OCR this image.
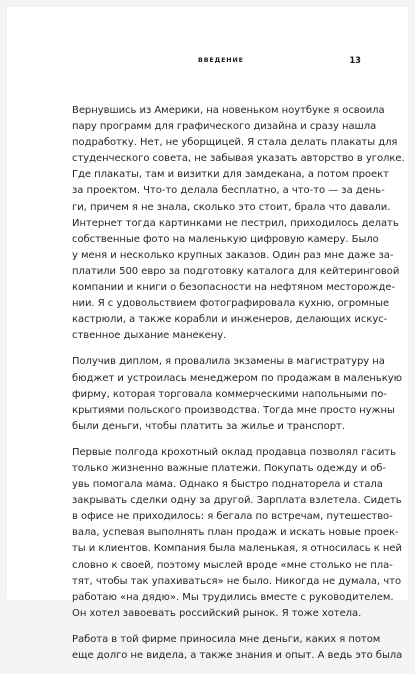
ВВЕДЕНИЕ	13

Вернувшись из Америки, на новеньком ноутбуке я освоила
пару программ для графического дизайна и сразу нашла
подработку. Нет, не уборщицей. Я стала делать плакаты для
студенческого совета, не забывая указать авторство в уголке.
Где плакаты, там и визитки для замдекана, а потом проект
за проектом. Что-то делала бесплатно, а что-то — за день-
ги, причем я не знала, сколько это стоит, брала что давали.
Интернет тогда картинками не пестрил, приходилось делать
собственные фото на маленькую цифровую камеру. Было
у меня и несколько крупных заказов. Один раз мне даже за-
платили 500 евро за подготовку каталога для кейтеринговой
компании и книги о безопасности на нефтяном месторожде-
нии. Я с удовольствием фотографировала кухню, огромные
кастрюли, а также корабли и инженеров, делающих искус-
ственное дыхание манекену.

Получив диплом, я провалила экзамены в магистратуру на
бюджет и устроилась менеджером по продажам в маленькую
фирму, которая торговала коммерческими напольными по-
крытиями польского производства. Тогда мне просто нужны
были деньги, чтобы платить за жилье и транспорт.

Первые полгода крохотный оклад продавца позволял гасить
только жизненно важные платежи. Покупать одежду и об-
увь помогала мама. Однако я быстро поднаторела и стала
закрывать сделки одну за другой. Зарплата взлетела. Сидеть
в офисе не приходилось: я бегала по встречам, путешество-
вала, успевая выполнять план продаж и искать новые проек-
ты и клиентов. Компания была маленькая, я относилась к ней
словно к своей, поэтому мыслей вроде «мне столько не пла-
тят, чтобы так упахиваться» не было. Никогда не думала, что
работаю «на дядю». Мы трудились вместе с руководителем.
Он хотел завоевать российский рынок. Я тоже хотела.

Работа в той фирме приносила мне деньги, каких я потом
еще долго не видела, а также знания и опыт. А ведь это была
